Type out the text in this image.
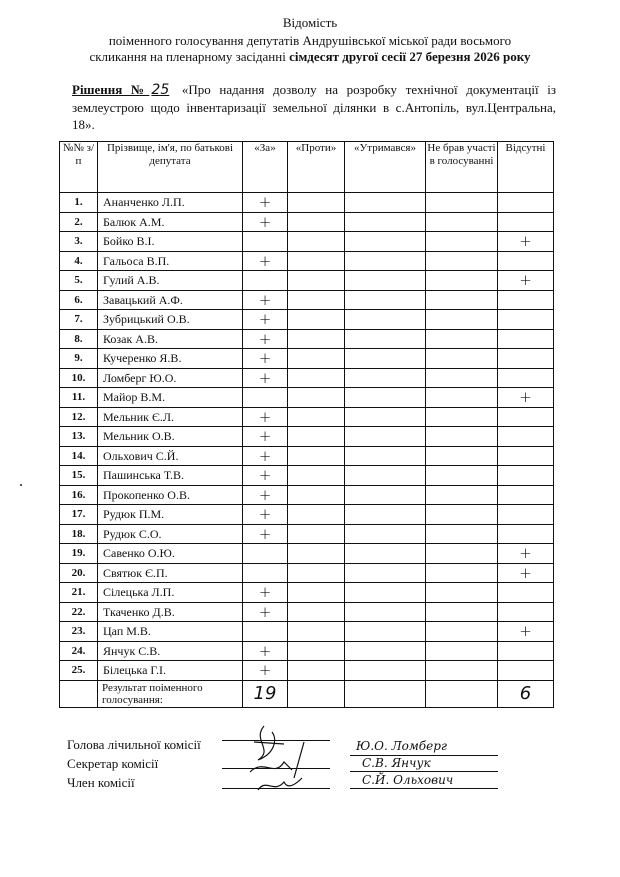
Відомість
поіменного голосування депутатів Андрушівської міської ради восьмого
скликання на пленарному засіданні сімдесят другої сесії 27 березня 2026 року
Рішення № 25 «Про надання дозволу на розробку технічної документації із землеустрою щодо інвентаризації земельної ділянки в с.Антопіль, вул.Центральна, 18».
№№ з/п	Прізвище, ім'я, по батькові депутата	«За»	«Проти»	«Утримався»	Не брав участі в голосуванні	Відсутні
1.	Ананченко Л.П.	+				
2.	Балюк А.М.	+				
3.	Бойко В.І.					+
4.	Гальоса В.П.	+				
5.	Гулий А.В.					+
6.	Завацький А.Ф.	+				
7.	Зубрицький О.В.	+				
8.	Козак А.В.	+				
9.	Кучеренко Я.В.	+				
10.	Ломберг Ю.О.	+				
11.	Майор В.М.					+
12.	Мельник Є.Л.	+				
13.	Мельник О.В.	+				
14.	Ольхович С.Й.	+				
15.	Пашинська Т.В.	+				
16.	Прокопенко О.В.	+				
17.	Рудюк П.М.	+				
18.	Рудюк С.О.	+				
19.	Савенко О.Ю.					+
20.	Святюк Є.П.					+
21.	Сілецька Л.П.	+				
22.	Ткаченко Д.В.	+				
23.	Цап М.В.					+
24.	Янчук С.В.	+				
25.	Білецька Г.І.	+				
	Результат поіменного голосування:	19				6
Голова лічильної комісії
Секретар комісії
Член комісії
Ю.О. Ломберг
С.В. Янчук
С.Й. Ольхович
